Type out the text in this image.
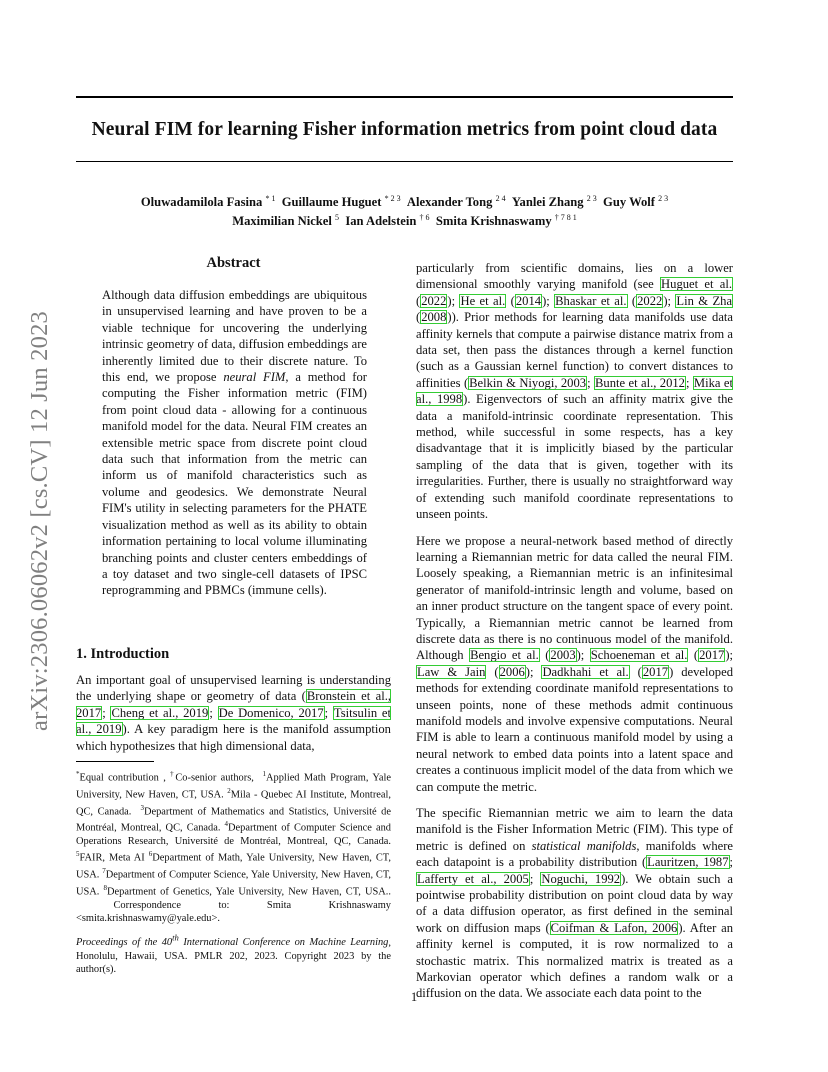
Neural FIM for learning Fisher information metrics from point cloud data
Oluwadamilola Fasina $^{* 1}$  Guillaume Huguet $^{* 2 3}$  Alexander Tong $^{2 4}$  Yanlei Zhang $^{2 3}$  Guy Wolf $^{2 3}$
Maximilian Nickel $^5$  Ian Adelstein $^{\dagger 6}$  Smita Krishnaswamy $^{\dagger 7 8 1}$
arXiv:2306.06062v2 [cs.CV] 12 Jun 2023
Abstract

Although data diffusion embeddings are ubiquitous in unsupervised learning and have proven to be a viable technique for uncovering the underlying intrinsic geometry of data, diffusion embeddings are inherently limited due to their discrete nature. To this end, we propose neural FIM, a method for computing the Fisher information metric (FIM) from point cloud data - allowing for a continuous manifold model for the data. Neural FIM creates an extensible metric space from discrete point cloud data such that information from the metric can inform us of manifold characteristics such as volume and geodesics. We demonstrate Neural FIM's utility in selecting parameters for the PHATE visualization method as well as its ability to obtain information pertaining to local volume illuminating branching points and cluster centers embeddings of a toy dataset and two single-cell datasets of IPSC reprogramming and PBMCs (immune cells).

1. Introduction

An important goal of unsupervised learning is understanding the underlying shape or geometry of data (Bronstein et al., 2017; Cheng et al., 2019; De Domenico, 2017; Tsitsulin et al., 2019). A key paradigm here is the manifold assumption which hypothesizes that high dimensional data,

*Equal contribution , †Co-senior authors,  $^1$Applied Math Program, Yale University, New Haven, CT, USA. $^2$Mila - Quebec AI Institute, Montreal, QC, Canada.  $^3$Department of Mathematics and Statistics, Université de Montréal, Montreal, QC, Canada. $^4$Department of Computer Science and Operations Research, Université de Montréal, Montreal, QC, Canada. $^5$FAIR, Meta AI $^6$Department of Math, Yale University, New Haven, CT, USA. $^7$Department of Computer Science, Yale University, New Haven, CT, USA. $^8$Department of Genetics, Yale University, New Haven, CT, USA..  Correspondence to: Smita Krishnaswamy <smita.krishnaswamy@yale.edu>.

Proceedings of the 40th International Conference on Machine Learning, Honolulu, Hawaii, USA. PMLR 202, 2023. Copyright 2023 by the author(s).

particularly from scientific domains, lies on a lower dimensional smoothly varying manifold (see Huguet et al. (2022); He et al. (2014); Bhaskar et al. (2022); Lin & Zha (2008)). Prior methods for learning data manifolds use data affinity kernels that compute a pairwise distance matrix from a data set, then pass the distances through a kernel function (such as a Gaussian kernel function) to convert distances to affinities (Belkin & Niyogi, 2003; Bunte et al., 2012; Mika et al., 1998). Eigenvectors of such an affinity matrix give the data a manifold-intrinsic coordinate representation. This method, while successful in some respects, has a key disadvantage that it is implicitly biased by the particular sampling of the data that is given, together with its irregularities. Further, there is usually no straightforward way of extending such manifold coordinate representations to unseen points.

Here we propose a neural-network based method of directly learning a Riemannian metric for data called the neural FIM. Loosely speaking, a Riemannian metric is an infinitesimal generator of manifold-intrinsic length and volume, based on an inner product structure on the tangent space of every point. Typically, a Riemannian metric cannot be learned from discrete data as there is no continuous model of the manifold. Although Bengio et al. (2003); Schoeneman et al. (2017); Law & Jain (2006); Dadkhahi et al. (2017) developed methods for extending coordinate manifold representations to unseen points, none of these methods admit continuous manifold models and involve expensive computations. Neural FIM is able to learn a continuous manifold model by using a neural network to embed data points into a latent space and creates a continuous implicit model of the data from which we can compute the metric.

The specific Riemannian metric we aim to learn the data manifold is the Fisher Information Metric (FIM). This type of metric is defined on statistical manifolds, manifolds where each datapoint is a probability distribution (Lauritzen, 1987; Lafferty et al., 2005; Noguchi, 1992). We obtain such a pointwise probability distribution on point cloud data by way of a data diffusion operator, as first defined in the seminal work on diffusion maps (Coifman & Lafon, 2006). After an affinity kernel is computed, it is row normalized to a stochastic matrix. This normalized matrix is treated as a Markovian operator which defines a random walk or a diffusion on the data. We associate each data point to the

1
